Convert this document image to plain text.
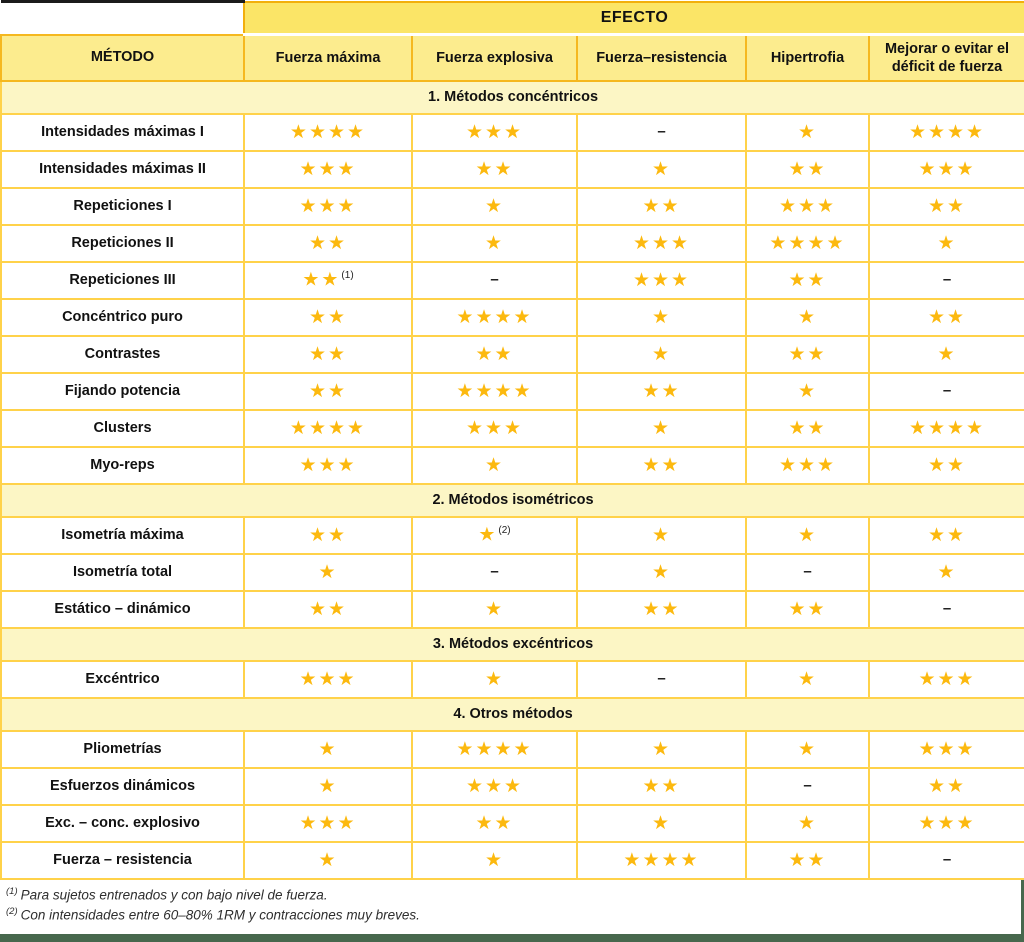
	EFECTO				
MÉTODO	Fuerza máxima	Fuerza explosiva	Fuerza–resistencia	Hipertrofia	Mejorar o evitar el déficit de fuerza
1. Métodos concéntricos					
Intensidades máximas I	★★★★	★★★	–	★	★★★★
Intensidades máximas II	★★★	★★	★	★★	★★★
Repeticiones I	★★★	★	★★	★★★	★★
Repeticiones II	★★	★	★★★	★★★★	★
Repeticiones III	★★$^{(1)}$	–	★★★	★★	–
Concéntrico puro	★★	★★★★	★	★	★★
Contrastes	★★	★★	★	★★	★
Fijando potencia	★★	★★★★	★★	★	–
Clusters	★★★★	★★★	★	★★	★★★★
Myo-reps	★★★	★	★★	★★★	★★
2. Métodos isométricos					
Isometría máxima	★★	★$^{(2)}$	★	★	★★
Isometría total	★	–	★	–	★
Estático – dinámico	★★	★	★★	★★	–
3. Métodos excéntricos					
Excéntrico	★★★	★	–	★	★★★
4. Otros métodos					
Pliometrías	★	★★★★	★	★	★★★
Esfuerzos dinámicos	★	★★★	★★	–	★★
Exc. – conc. explosivo	★★★	★★	★	★	★★★
Fuerza – resistencia	★	★	★★★★	★★	–
$^{(1)}$ Para sujetos entrenados y con bajo nivel de fuerza.
$^{(2)}$ Con intensidades entre 60–80% 1RM y contracciones muy breves.
